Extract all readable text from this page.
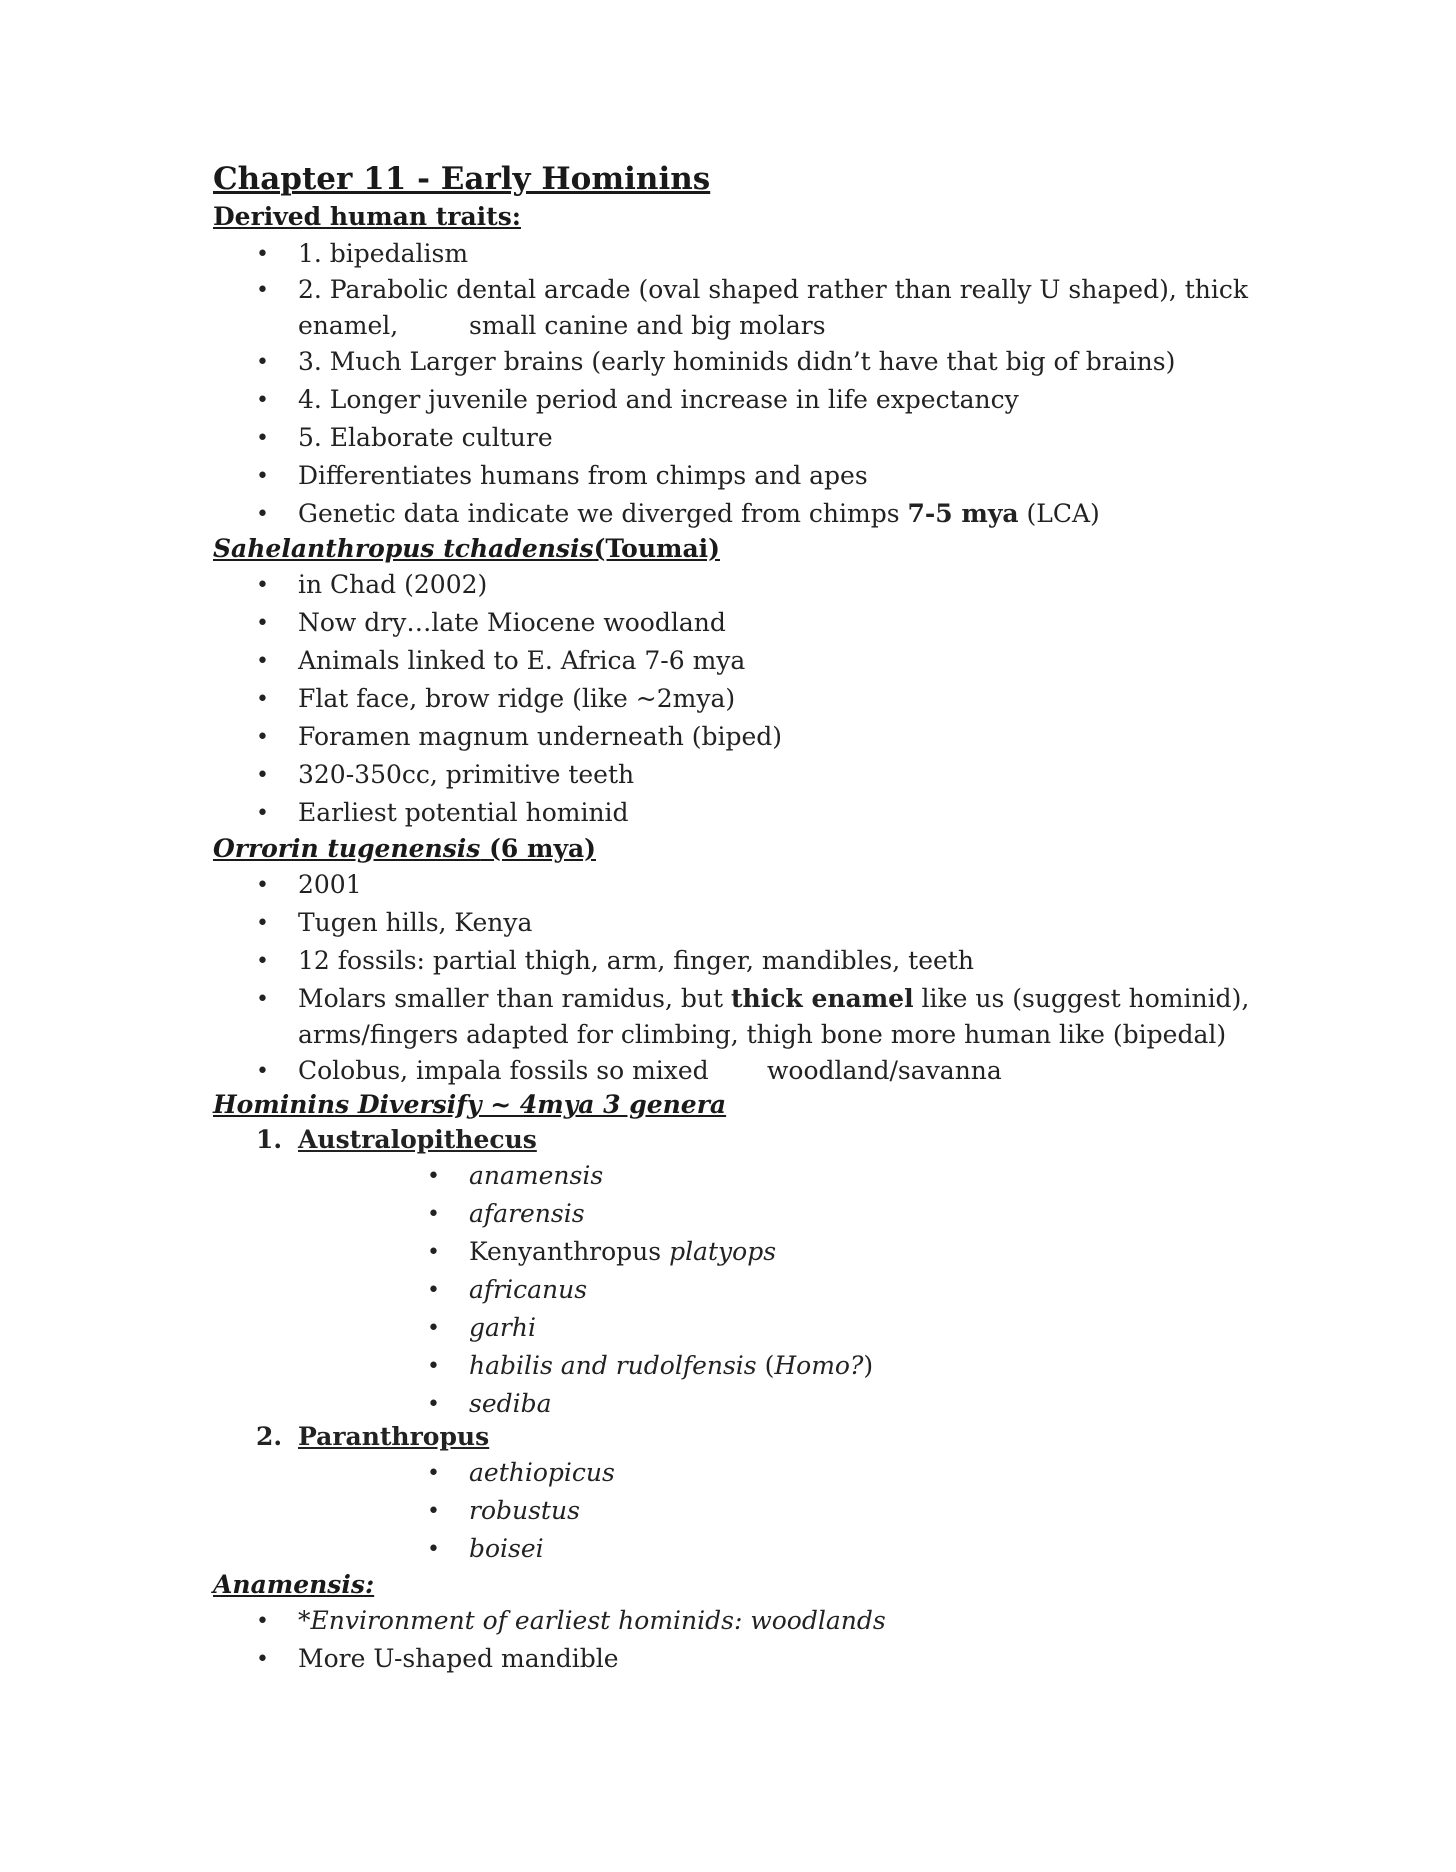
Chapter 11 - Early Hominins
Derived human traits:
• 1. bipedalism
• 2. Parabolic dental arcade (oval shaped rather than really U shaped), thick
enamel,	small canine and big molars
• 3. Much Larger brains (early hominids didn’t have that big of brains)
• 4. Longer juvenile period and increase in life expectancy
• 5. Elaborate culture
• Differentiates humans from chimps and apes
• Genetic data indicate we diverged from chimps 7-5 mya (LCA)
Sahelanthropus tchadensis(Toumai)
• in Chad (2002)
• Now dry…late Miocene woodland
• Animals linked to E. Africa 7-6 mya
• Flat face, brow ridge (like ~2mya)
• Foramen magnum underneath (biped)
• 320-350cc, primitive teeth
• Earliest potential hominid
Orrorin tugenensis (6 mya)
• 2001
• Tugen hills, Kenya
• 12 fossils: partial thigh, arm, finger, mandibles, teeth
• Molars smaller than ramidus, but thick enamel like us (suggest hominid),
arms/fingers adapted for climbing, thigh bone more human like (bipedal)
• Colobus, impala fossils so mixed woodland/savanna
Hominins Diversify ~ 4mya 3 genera
1. Australopithecus
• anamensis
• afarensis
• Kenyanthropus platyops
• africanus
• garhi
• habilis and rudolfensis (Homo?)
• sediba
2. Paranthropus
• aethiopicus
• robustus
• boisei
Anamensis:
• *Environment of earliest hominids: woodlands
• More U-shaped mandible
